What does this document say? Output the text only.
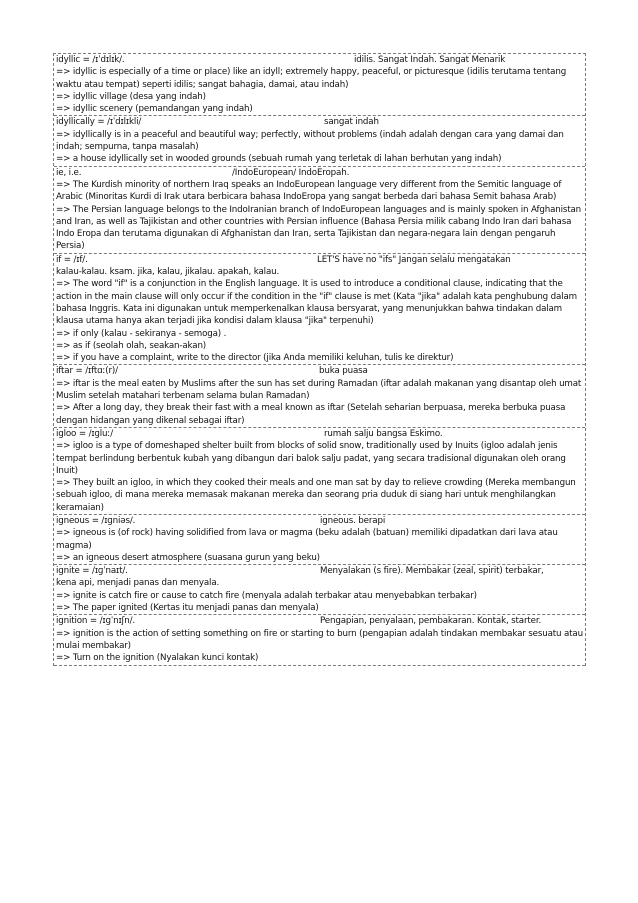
idyllic = /ɪˈdɪlɪk/.	idilis. Sangat Indah. Sangat Menarik
=> idyllic is especially of a time or place) like an idyll; extremely happy, peaceful, or picturesque (idilis terutama tentang waktu atau tempat) seperti idilis; sangat bahagia, damai, atau indah)
=> idyllic village (desa yang indah)
=> idyllic scenery (pemandangan yang indah)
idyllically = /ɪˈdɪlɪkli/	sangat indah
=> idyllically is in a peaceful and beautiful way; perfectly, without problems (indah adalah dengan cara yang damai dan indah; sempurna, tanpa masalah)
=> a house idyllically set in wooded grounds (sebuah rumah yang terletak di lahan berhutan yang indah)
ie, i.e.	/IndoEuropean/ IndoEropah.
=> The Kurdish minority of northern Iraq speaks an IndoEuropean language very different from the Semitic language of Arabic (Minoritas Kurdi di Irak utara berbicara bahasa IndoEropa yang sangat berbeda dari bahasa Semit bahasa Arab)
=> The Persian language belongs to the IndoIranian branch of IndoEuropean languages and is mainly spoken in Afghanistan and Iran, as well as Tajikistan and other countries with Persian influence (Bahasa Persia milik cabang Indo Iran dari bahasa Indo Eropa dan terutama digunakan di Afghanistan dan Iran, serta Tajikistan dan negara-negara lain dengan pengaruh Persia)
if = /ɪf/.	LET'S have no "ifs" Jangan selalu mengatakan
kalau-kalau. ksam. jika, kalau, jikalau. apakah, kalau.
=> The word "if" is a conjunction in the English language. It is used to introduce a conditional clause, indicating that the action in the main clause will only occur if the condition in the "if" clause is met (Kata "jika" adalah kata penghubung dalam bahasa Inggris. Kata ini digunakan untuk memperkenalkan klausa bersyarat, yang menunjukkan bahwa tindakan dalam klausa utama hanya akan terjadi jika kondisi dalam klausa "jika" terpenuhi)
=> if only (kalau - sekiranya - semoga) .
=> as if (seolah olah, seakan-akan)
=> if you have a complaint, write to the director (jika Anda memiliki keluhan, tulis ke direktur)
iftar = /ɪftɑː(r)/	buka puasa
=> iftar is the meal eaten by Muslims after the sun has set during Ramadan (iftar adalah makanan yang disantap oleh umat Muslim setelah matahari terbenam selama bulan Ramadan)
=> After a long day, they break their fast with a meal known as iftar (Setelah seharian berpuasa, mereka berbuka puasa dengan hidangan yang dikenal sebagai iftar)
igloo = /ɪɡluː/	rumah salju bangsa Eskimo.
=> igloo is a type of domeshaped shelter built from blocks of solid snow, traditionally used by Inuits (igloo adalah jenis tempat berlindung berbentuk kubah yang dibangun dari balok salju padat, yang secara tradisional digunakan oleh orang Inuit)
=> They built an igloo, in which they cooked their meals and one man sat by day to relieve crowding (Mereka membangun sebuah igloo, di mana mereka memasak makanan mereka dan seorang pria duduk di siang hari untuk menghilangkan keramaian)
igneous = /ɪɡniəs/.	igneous. berapi
=> igneous is (of rock) having solidified from lava or magma (beku adalah (batuan) memiliki dipadatkan dari lava atau magma)
=> an igneous desert atmosphere (suasana gurun yang beku)
ignite = /ɪɡˈnaɪt/.	Menyalakan (s fire). Membakar (zeal, spirit) terbakar,
kena api, menjadi panas dan menyala.
=> ignite is catch fire or cause to catch fire (menyala adalah terbakar atau menyebabkan terbakar)
=> The paper ignited (Kertas itu menjadi panas dan menyala)
ignition = /ɪɡˈnɪʃn/.	Pengapian, penyalaan, pembakaran. Kontak, starter.
=> ignition is the action of setting something on fire or starting to burn (pengapian adalah tindakan membakar sesuatu atau mulai membakar)
=> Turn on the ignition (Nyalakan kunci kontak)
